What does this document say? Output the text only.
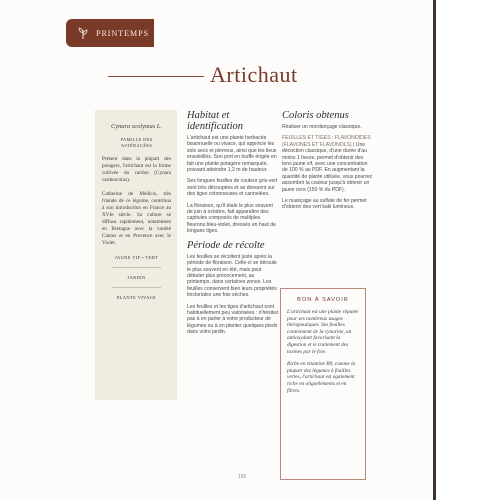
PRINTEMPS
Artichaut
Cynara scolymus L.
FAMILLE DES
ASTÉRACÉES

Présent dans la plupart des potagers, l'artichaut est la forme cultivée du cardon (Cynara cardunculus).

Catherine de Médicis, très friande de ce légume, contribua à son introduction en France au XVIe siècle. Sa culture se diffusa rapidement, notamment en Bretagne avec la variété Camus et en Provence avec le Violet.

JAUNE VIF • VERT
JARDIN
PLANTE VIVACE
Habitat et identification

L'artichaut est une plante herbacée bisannuelle ou vivace, qui apprécie les sols secs et pierreux, ainsi que les lieux ensoleillés. Son port en touffe érigée en fait une plante potagère remarquée, pouvant atteindre 1,2 m de hauteur.

Ses longues feuilles de couleur gris-vert sont très découpées et se dressent sur des tiges cotonneuses et cannelées.

La floraison, qu'il étale le plus souvent de juin à octobre, fait apparaître des capitules composés de multiples fleurons bleu-violet, dressés en haut de longues tiges.

Période de récolte

Les feuilles se récoltent juste après la période de floraison. Celle-ci se déroule le plus souvent en été, mais peut débuter plus précocement, au printemps, dans certaines zones. Les feuilles conservent bien leurs propriétés tinctoriales une fois sèches.

Les feuilles et les tiges d'artichaut sont habituellement peu valorisées : n'hésitez pas à en parler à votre producteur de légumes ou à en planter quelques pieds dans votre jardin.

Coloris obtenus

Réaliser un mordançage classique.

FEUILLES ET TIGES : FLAVONOIDES (FLAVONES ET FLAVONOLS) | Une décoction classique, d'une durée d'au moins 1 heure, permet d'obtenir des tons jaune vif, avec une concentration de 100 % au PDF. En augmentant la quantité de plante utilisée, vous pourrez assombrir la couleur jusqu'à obtenir un jaune ocre (150 % du PDF).

Le nuançage au sulfate de fer permet d'obtenir des vert kaki lumineux.

BON À SAVOIR

L'artichaut est une plante réputée pour ses nombreux usages thérapeutiques. Ses feuilles contiennent de la cynarine, un antioxydant favorisant la digestion et le traitement des toxines par le foie.

Riche en vitamine B9, comme la plupart des légumes à feuilles vertes, l'artichaut est également riche en oligoéléments et en fibres.

156
